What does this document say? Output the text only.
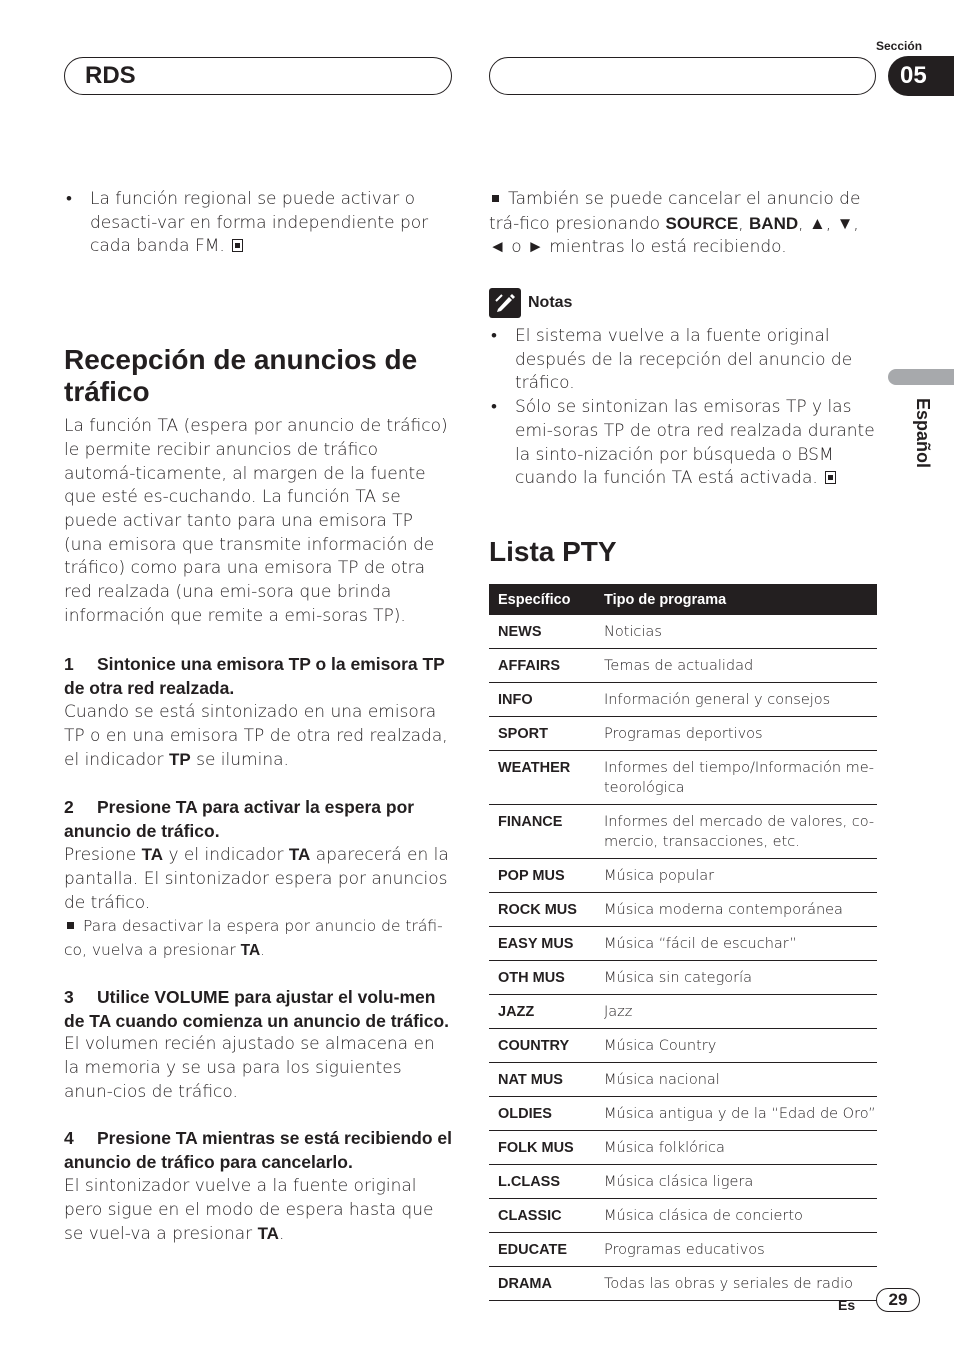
RDS
Sección
05
Español
• La función regional se puede activar o desacti-var en forma independiente por cada banda FM.
Recepción de anuncios de tráfico
La función TA (espera por anuncio de tráfico) le permite recibir anuncios de tráfico automá-ticamente, al margen de la fuente que esté es-cuchando. La función TA se puede activar tanto para una emisora TP (una emisora que transmite información de tráfico) como para una emisora TP de otra red realzada (una emi-sora que brinda información que remite a emi-soras TP).
1 Sintonice una emisora TP o la emisora TP de otra red realzada.
Cuando se está sintonizado en una emisora TP o en una emisora TP de otra red realzada, el indicador TP se ilumina.
2 Presione TA para activar la espera por anuncio de tráfico.
Presione TA y el indicador TA aparecerá en la pantalla. El sintonizador espera por anuncios de tráfico.
Para desactivar la espera por anuncio de tráfi-co, vuelva a presionar TA.
3 Utilice VOLUME para ajustar el volu-men de TA cuando comienza un anuncio de tráfico.
El volumen recién ajustado se almacena en la memoria y se usa para los siguientes anun-cios de tráfico.
4 Presione TA mientras se está recibiendo el anuncio de tráfico para cancelarlo.
El sintonizador vuelve a la fuente original pero sigue en el modo de espera hasta que se vuel-va a presionar TA.
También se puede cancelar el anuncio de trá-fico presionando SOURCE, BAND, ▲, ▼, ◄ o ► mientras lo está recibiendo.
Notas
• El sistema vuelve a la fuente original después de la recepción del anuncio de tráfico.
• Sólo se sintonizan las emisoras TP y las emi-soras TP de otra red realzada durante la sinto-nización por búsqueda o BSM cuando la función TA está activada.
Lista PTY
Específico	Tipo de programa
NEWS	Noticias
AFFAIRS	Temas de actualidad
INFO	Información general y consejos
SPORT	Programas deportivos
WEATHER	Informes del tiempo/Información me-teorológica
FINANCE	Informes del mercado de valores, co-mercio, transacciones, etc.
POP MUS	Música popular
ROCK MUS	Música moderna contemporánea
EASY MUS	Música “fácil de escuchar”
OTH MUS	Música sin categoría
JAZZ	Jazz
COUNTRY	Música Country
NAT MUS	Música nacional
OLDIES	Música antigua y de la “Edad de Oro”
FOLK MUS	Música folklórica
L.CLASS	Música clásica ligera
CLASSIC	Música clásica de concierto
EDUCATE	Programas educativos
DRAMA	Todas las obras y seriales de radio
Es	29
